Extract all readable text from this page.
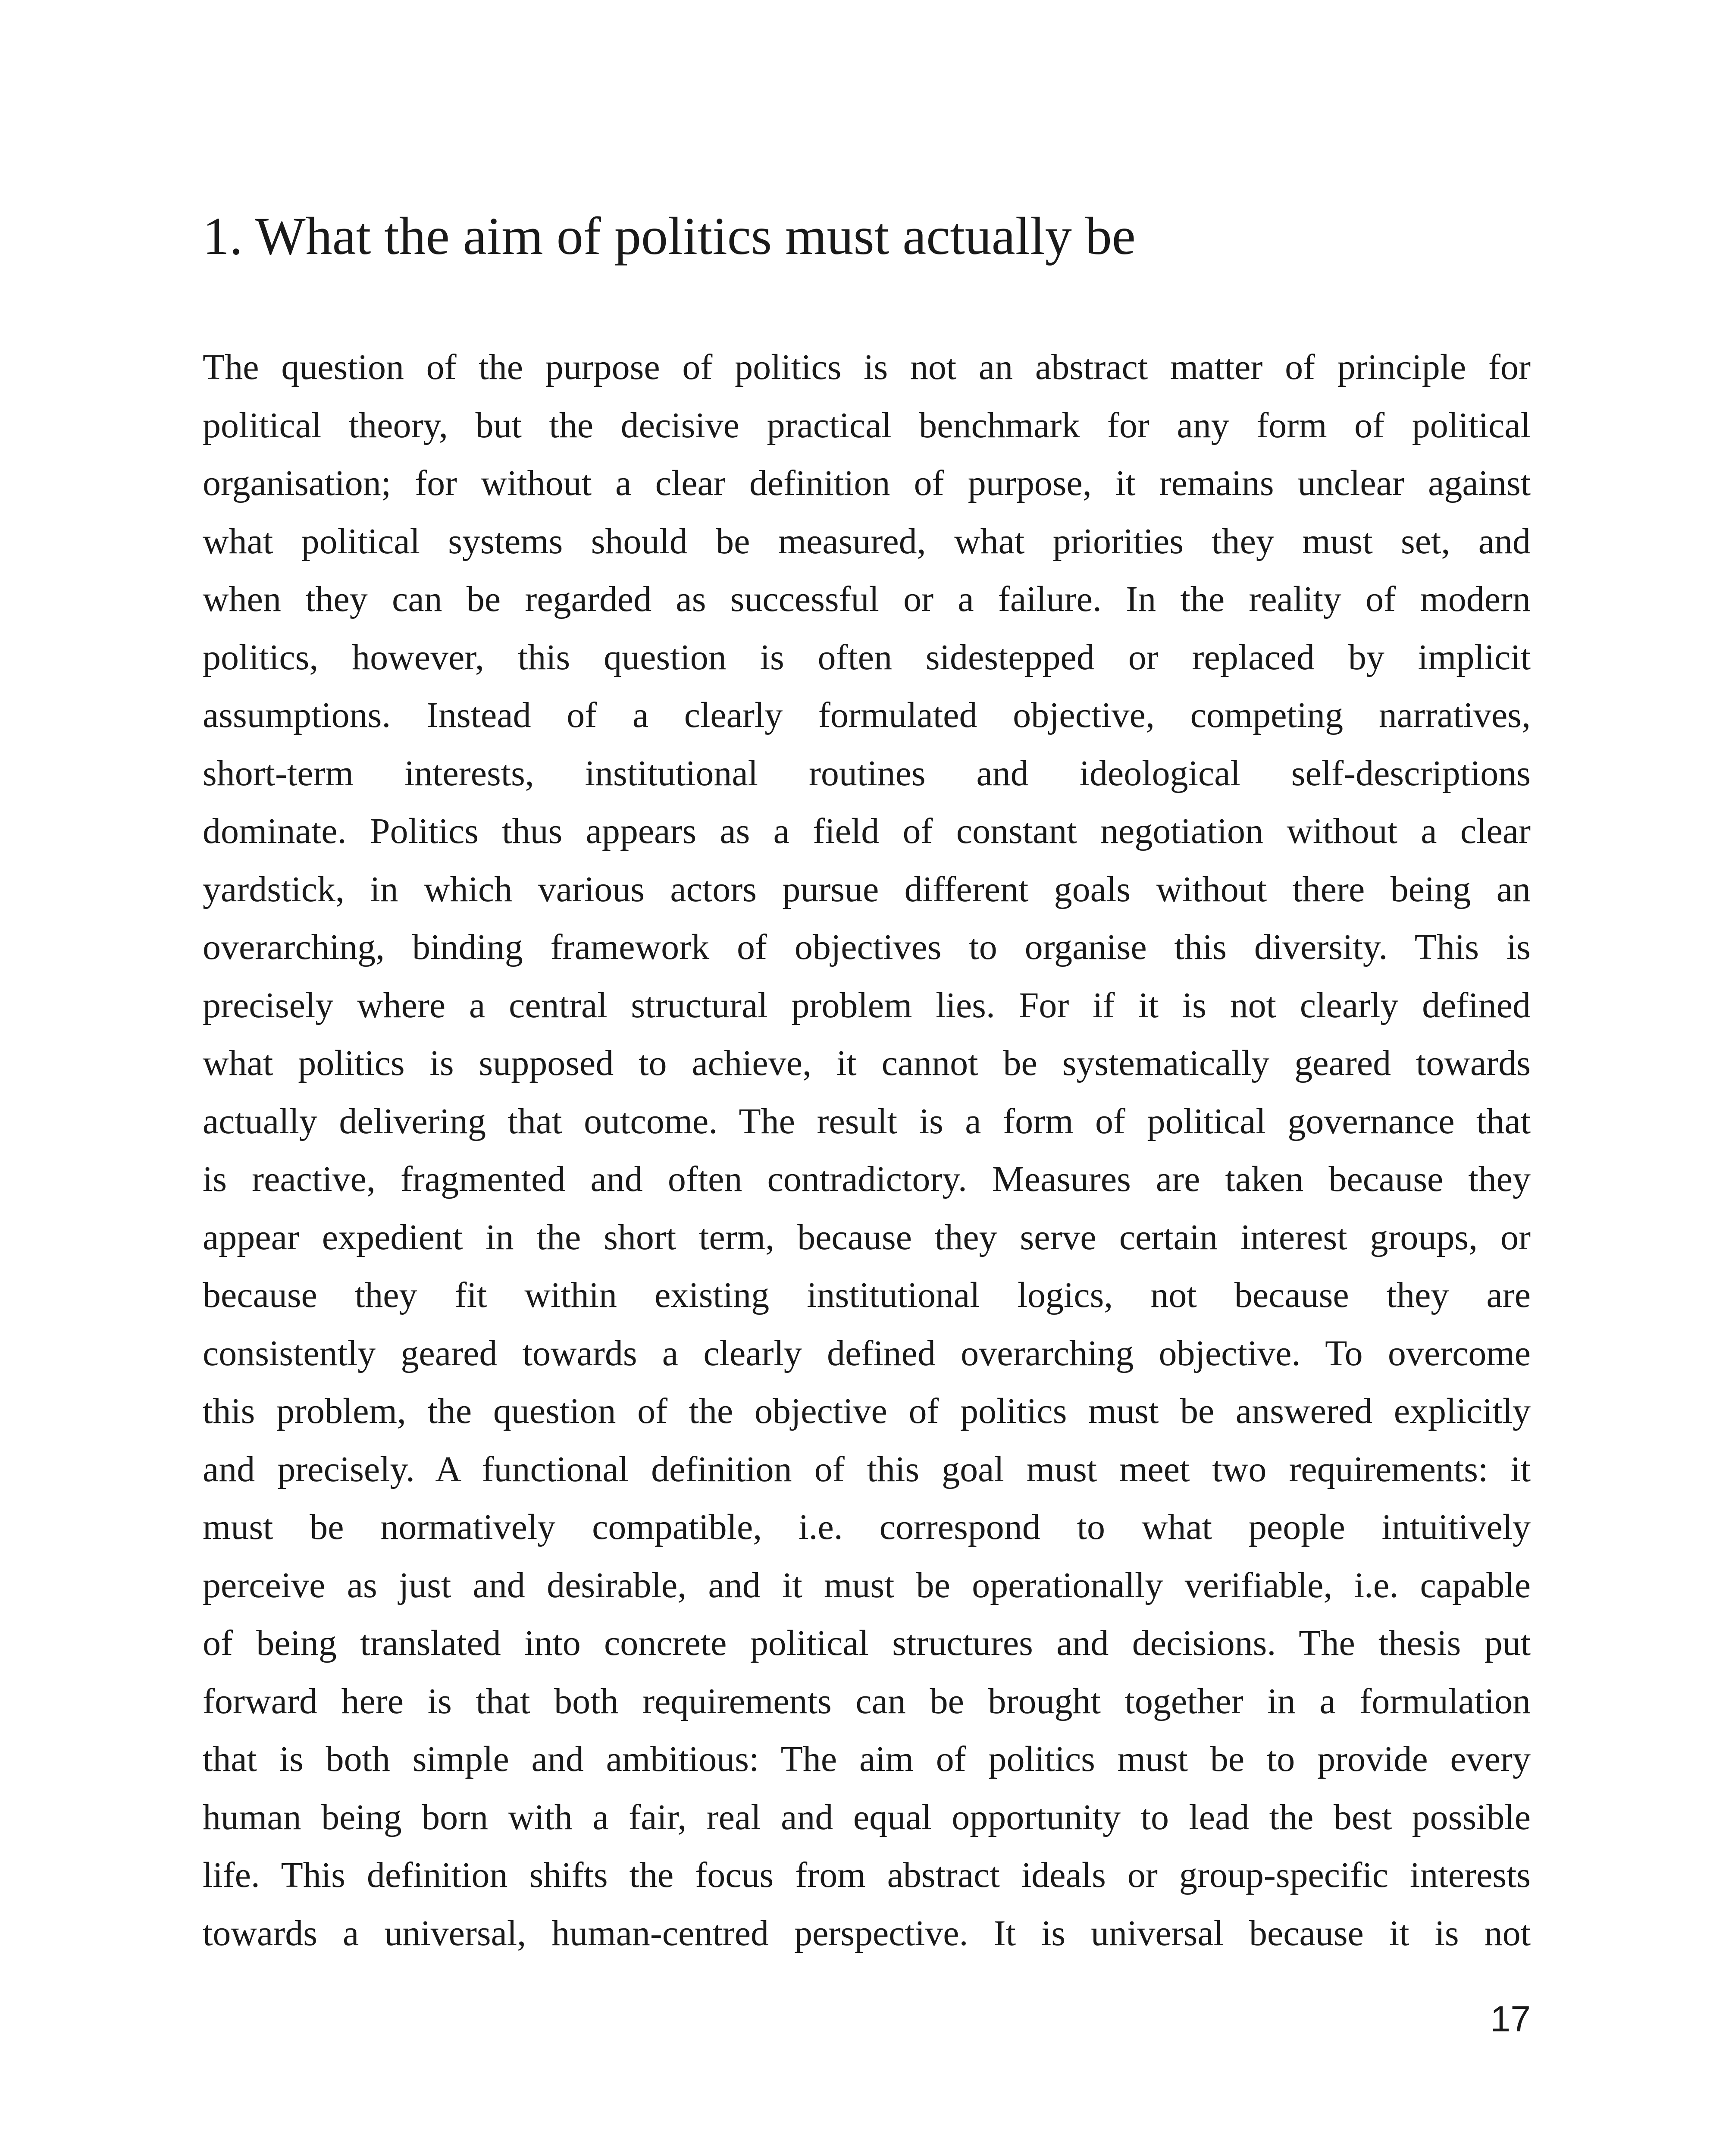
1. What the aim of politics must actually be
The question of the purpose of politics is not an abstract matter of principle for
political theory, but the decisive practical benchmark for any form of political
organisation; for without a clear definition of purpose, it remains unclear against
what political systems should be measured, what priorities they must set, and
when they can be regarded as successful or a failure. In the reality of modern
politics, however, this question is often sidestepped or replaced by implicit
assumptions. Instead of a clearly formulated objective, competing narratives,
short-term interests, institutional routines and ideological self-descriptions
dominate. Politics thus appears as a field of constant negotiation without a clear
yardstick, in which various actors pursue different goals without there being an
overarching, binding framework of objectives to organise this diversity. This is
precisely where a central structural problem lies. For if it is not clearly defined
what politics is supposed to achieve, it cannot be systematically geared towards
actually delivering that outcome. The result is a form of political governance that
is reactive, fragmented and often contradictory. Measures are taken because they
appear expedient in the short term, because they serve certain interest groups, or
because they fit within existing institutional logics, not because they are
consistently geared towards a clearly defined overarching objective. To overcome
this problem, the question of the objective of politics must be answered explicitly
and precisely. A functional definition of this goal must meet two requirements: it
must be normatively compatible, i.e. correspond to what people intuitively
perceive as just and desirable, and it must be operationally verifiable, i.e. capable
of being translated into concrete political structures and decisions. The thesis put
forward here is that both requirements can be brought together in a formulation
that is both simple and ambitious: The aim of politics must be to provide every
human being born with a fair, real and equal opportunity to lead the best possible
life. This definition shifts the focus from abstract ideals or group-specific interests
towards a universal, human-centred perspective. It is universal because it is not
17
